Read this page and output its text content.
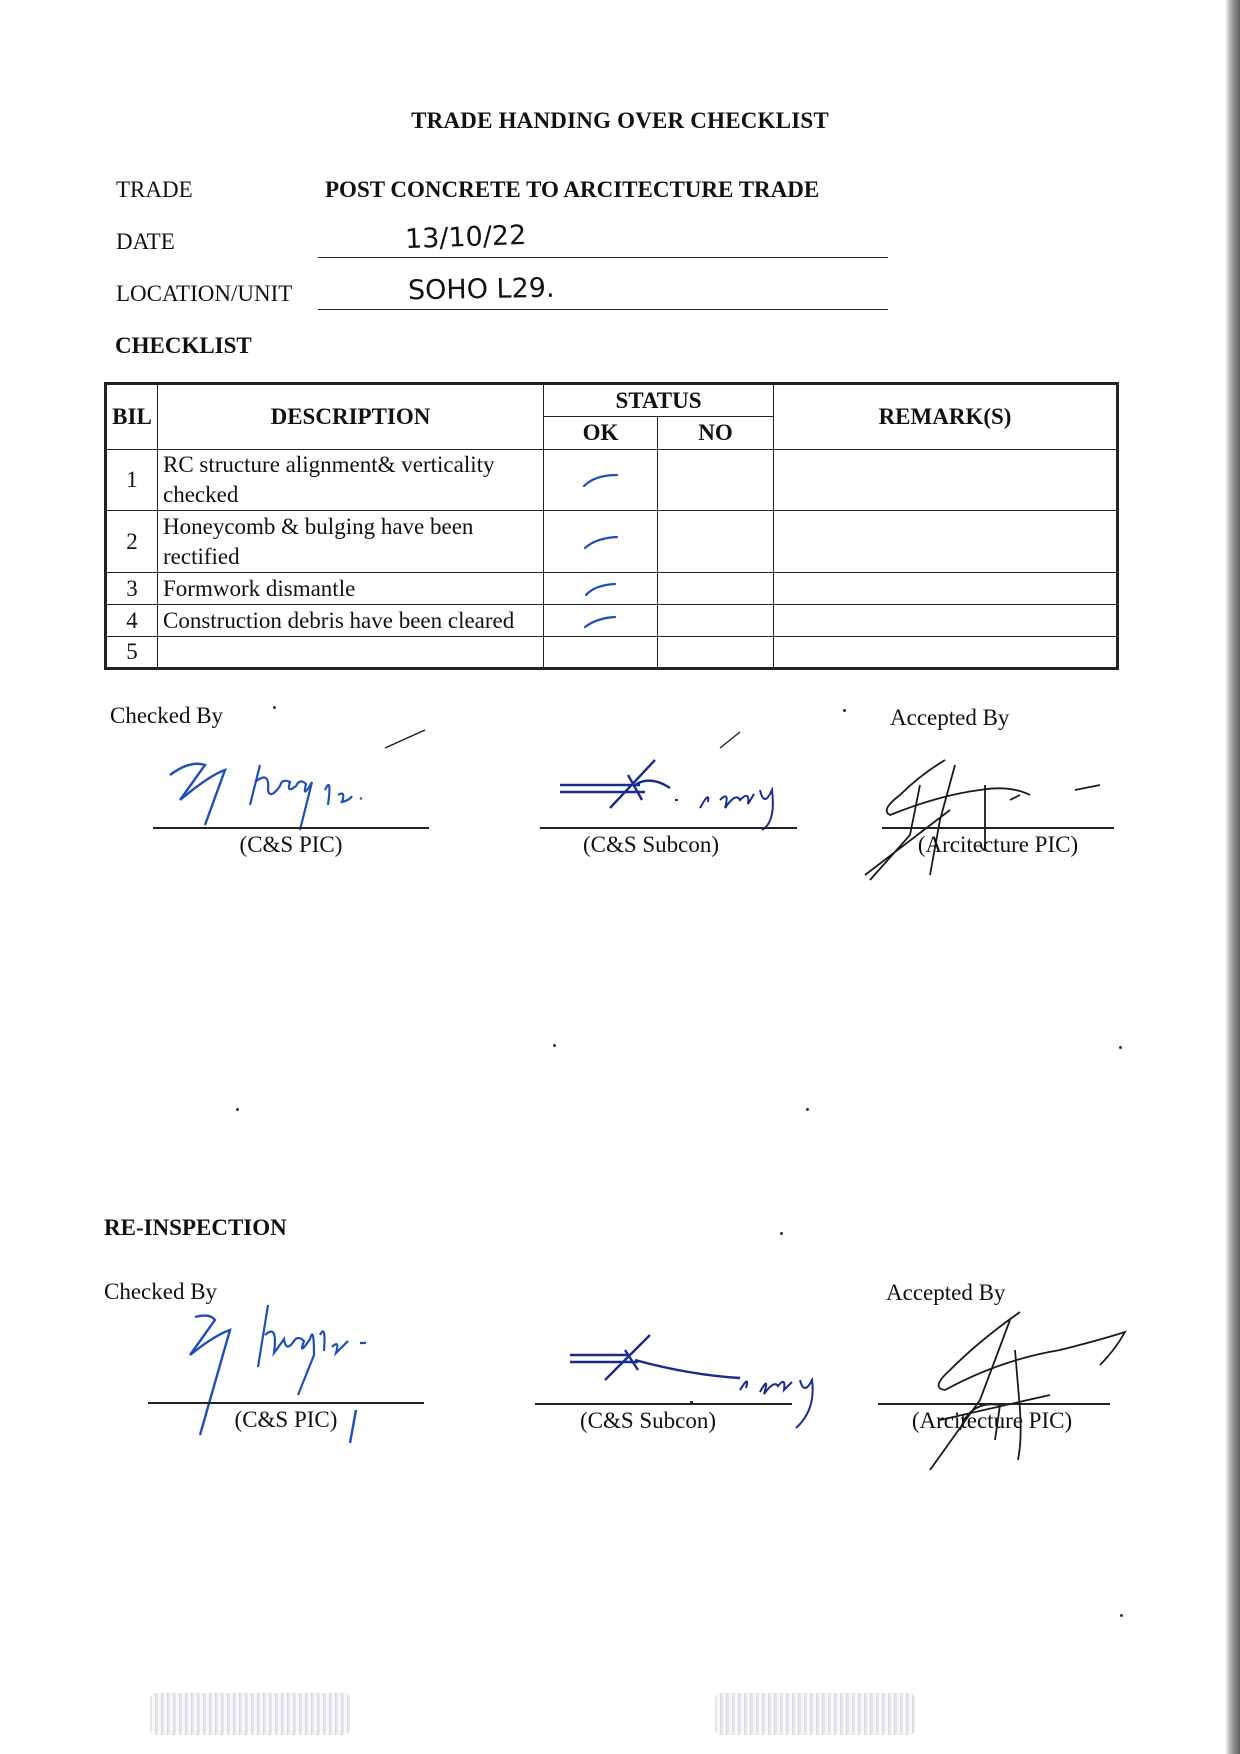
TRADE HANDING OVER CHECKLIST
TRADE	POST CONCRETE TO ARCITECTURE TRADE
DATE	13/10/22
LOCATION/UNIT	SOHO L29.
CHECKLIST
BIL	DESCRIPTION	STATUS		REMARK(S)
		OK	NO	
1	RC structure alignment& verticality checked	

2	Honeycomb & bulging have been rectified	

3	Formwork dismantle	

4	Construction debris have been cleared	

5				
Checked By	Accepted By
(C&S PIC)	(C&S Subcon)	(Arcitecture PIC)
RE-INSPECTION
Checked By	Accepted By
(C&S PIC)	(C&S Subcon)	(Arcitecture PIC)
